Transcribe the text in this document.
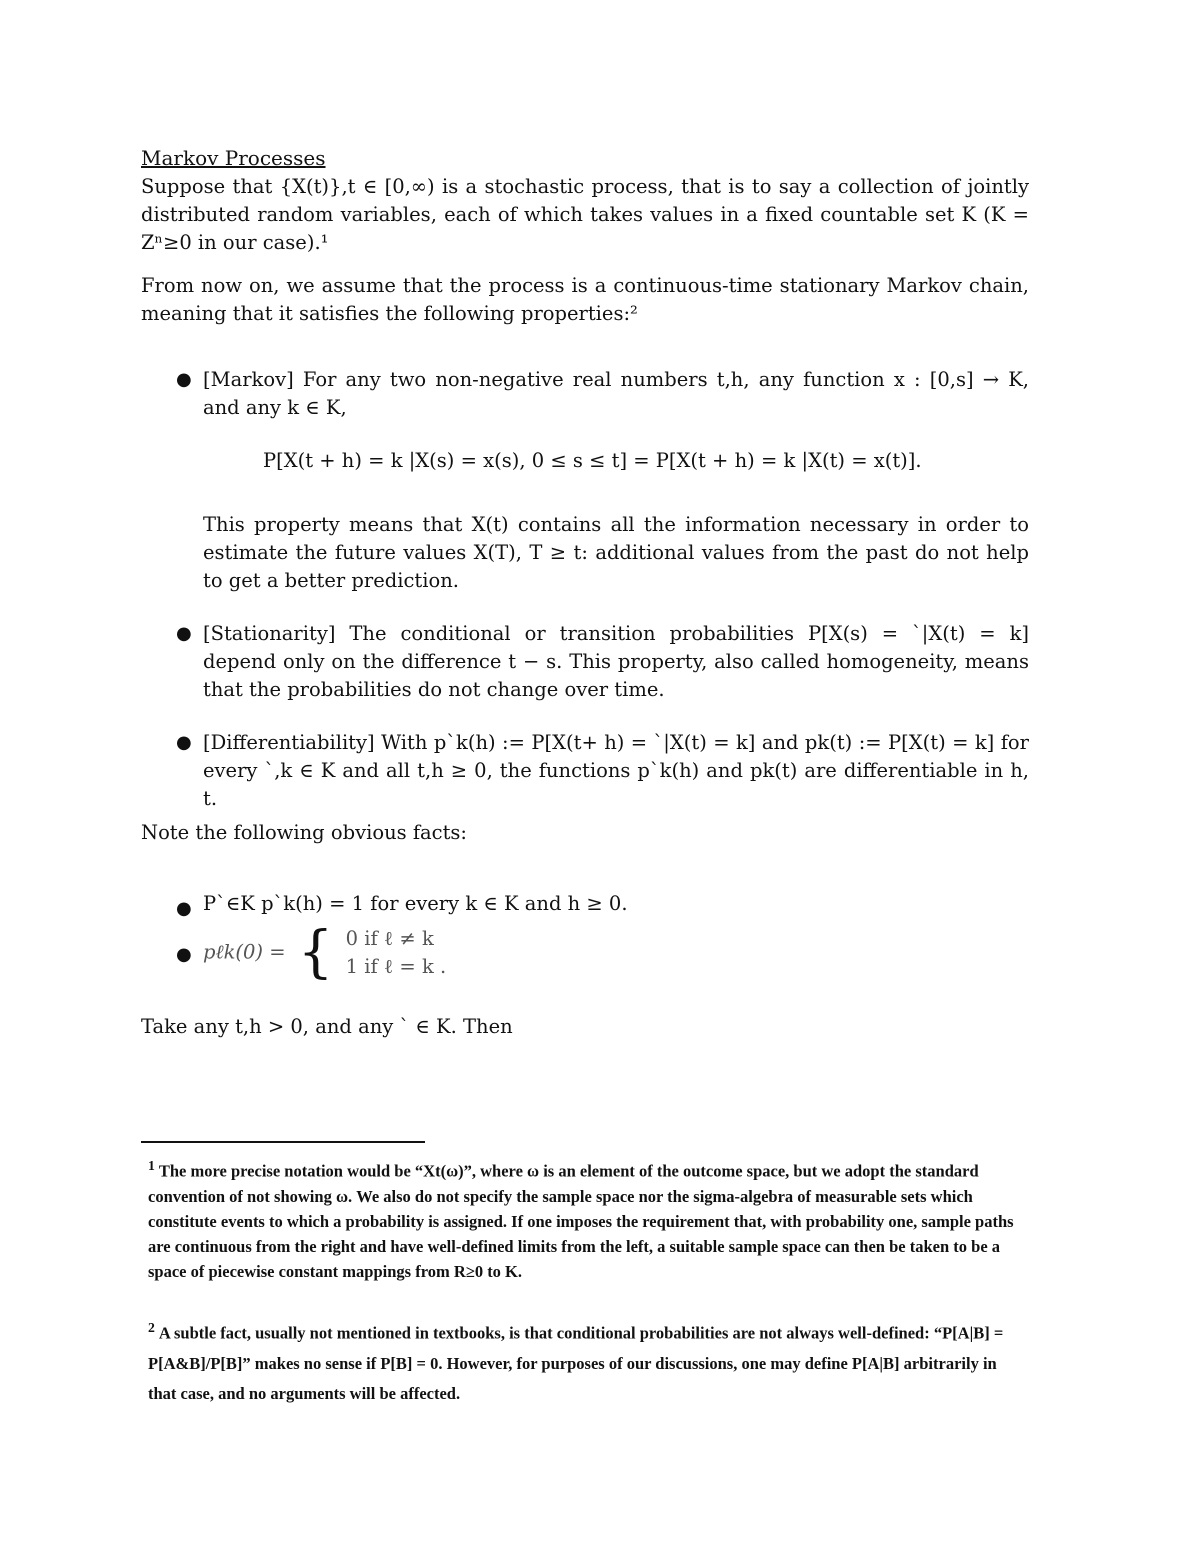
Markov Processes

Suppose that {X(t)},t ∈ [0,∞) is a stochastic process, that is to say a collection of jointly distributed random variables, each of which takes values in a fixed countable set K (K = Zⁿ≥0 in our case).¹

From now on, we assume that the process is a continuous-time stationary Markov chain, meaning that it satisfies the following properties:²

● [Markov] For any two non-negative real numbers t,h, any function x : [0,s] → K, and any k ∈ K,

P[X(t + h) = k |X(s) = x(s), 0 ≤ s ≤ t] = P[X(t + h) = k |X(t) = x(t)].

This property means that X(t) contains all the information necessary in order to estimate the future values X(T), T ≥ t: additional values from the past do not help to get a better prediction.

● [Stationarity] The conditional or transition probabilities P[X(s) = `|X(t) = k] depend only on the difference t − s. This property, also called homogeneity, means that the probabilities do not change over time.

● [Differentiability] With p`k(h) := P[X(t+ h) = `|X(t) = k] and pk(t) := P[X(t) = k] for every `,k ∈ K and all t,h ≥ 0, the functions p`k(h) and pk(t) are differentiable in h, t.

Note the following obvious facts:

● P`∈K p`k(h) = 1 for every k ∈ K and h ≥ 0.

● pℓk(0) = { 0 if ℓ ≠ k
1 if ℓ = k .

Take any t,h > 0, and any ` ∈ K. Then

$^1$ The more precise notation would be “Xt(ω)”, where ω is an element of the outcome space, but we adopt the standard convention of not showing ω. We also do not specify the sample space nor the sigma-algebra of measurable sets which constitute events to which a probability is assigned. If one imposes the requirement that, with probability one, sample paths are continuous from the right and have well-defined limits from the left, a suitable sample space can then be taken to be a space of piecewise constant mappings from R≥0 to K.

$^2$ A subtle fact, usually not mentioned in textbooks, is that conditional probabilities are not always well-defined: “P[A|B] = P[A&B]/P[B]” makes no sense if P[B] = 0. However, for purposes of our discussions, one may define P[A|B] arbitrarily in that case, and no arguments will be affected.
